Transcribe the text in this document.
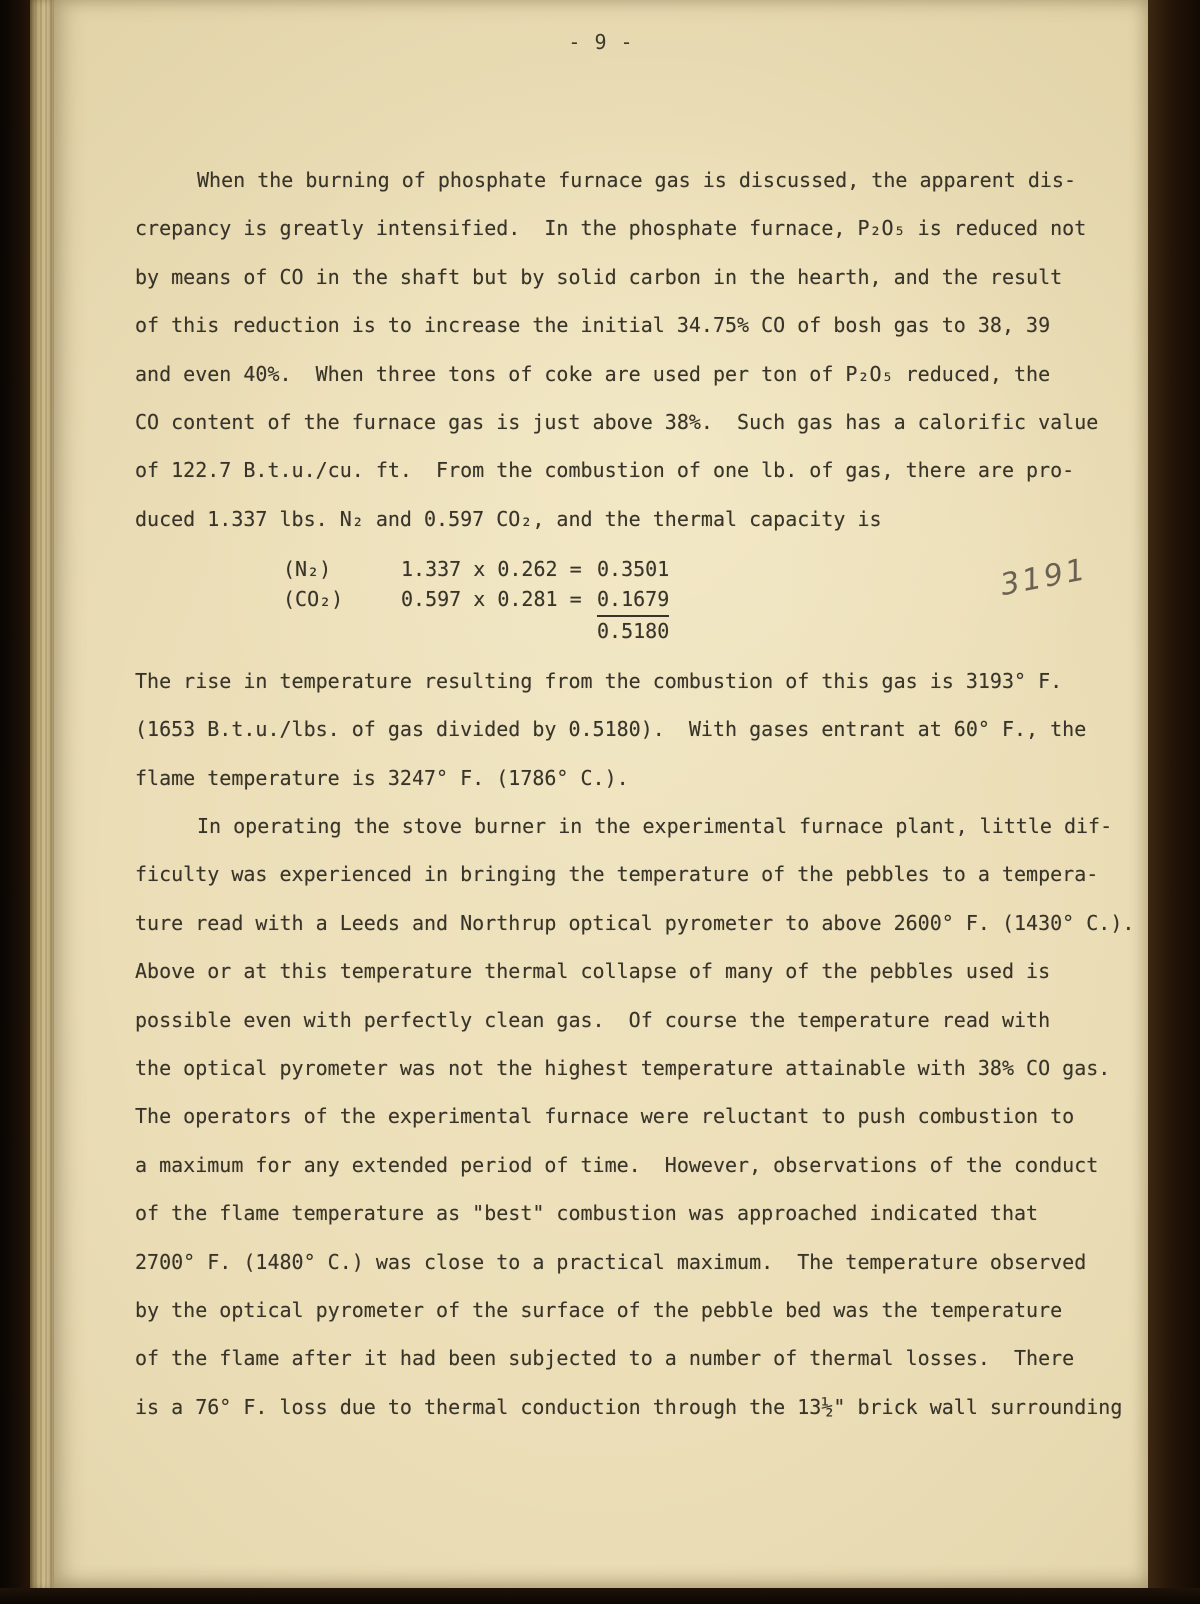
- 9 -
When the burning of phosphate furnace gas is discussed, the apparent dis-
crepancy is greatly intensified.  In the phosphate furnace, P₂O₅ is reduced not
by means of CO in the shaft but by solid carbon in the hearth, and the result
of this reduction is to increase the initial 34.75% CO of bosh gas to 38, 39
and even 40%.  When three tons of coke are used per ton of P₂O₅ reduced, the
CO content of the furnace gas is just above 38%.  Such gas has a calorific value
of 122.7 B.t.u./cu. ft.  From the combustion of one lb. of gas, there are pro-
duced 1.337 lbs. N₂ and 0.597 CO₂, and the thermal capacity is
(N₂)	1.337 x 0.262 = 0.3501
(CO₂)	0.597 x 0.281 = 0.1679
0.5180
The rise in temperature resulting from the combustion of this gas is 3193° F.
(1653 B.t.u./lbs. of gas divided by 0.5180).  With gases entrant at 60° F., the
flame temperature is 3247° F. (1786° C.).
In operating the stove burner in the experimental furnace plant, little dif-
ficulty was experienced in bringing the temperature of the pebbles to a tempera-
ture read with a Leeds and Northrup optical pyrometer to above 2600° F. (1430° C.).
Above or at this temperature thermal collapse of many of the pebbles used is
possible even with perfectly clean gas.  Of course the temperature read with
the optical pyrometer was not the highest temperature attainable with 38% CO gas.
The operators of the experimental furnace were reluctant to push combustion to
a maximum for any extended period of time.  However, observations of the conduct
of the flame temperature as "best" combustion was approached indicated that
2700° F. (1480° C.) was close to a practical maximum.  The temperature observed
by the optical pyrometer of the surface of the pebble bed was the temperature
of the flame after it had been subjected to a number of thermal losses.  There
is a 76° F. loss due to thermal conduction through the 13½" brick wall surrounding
3191
